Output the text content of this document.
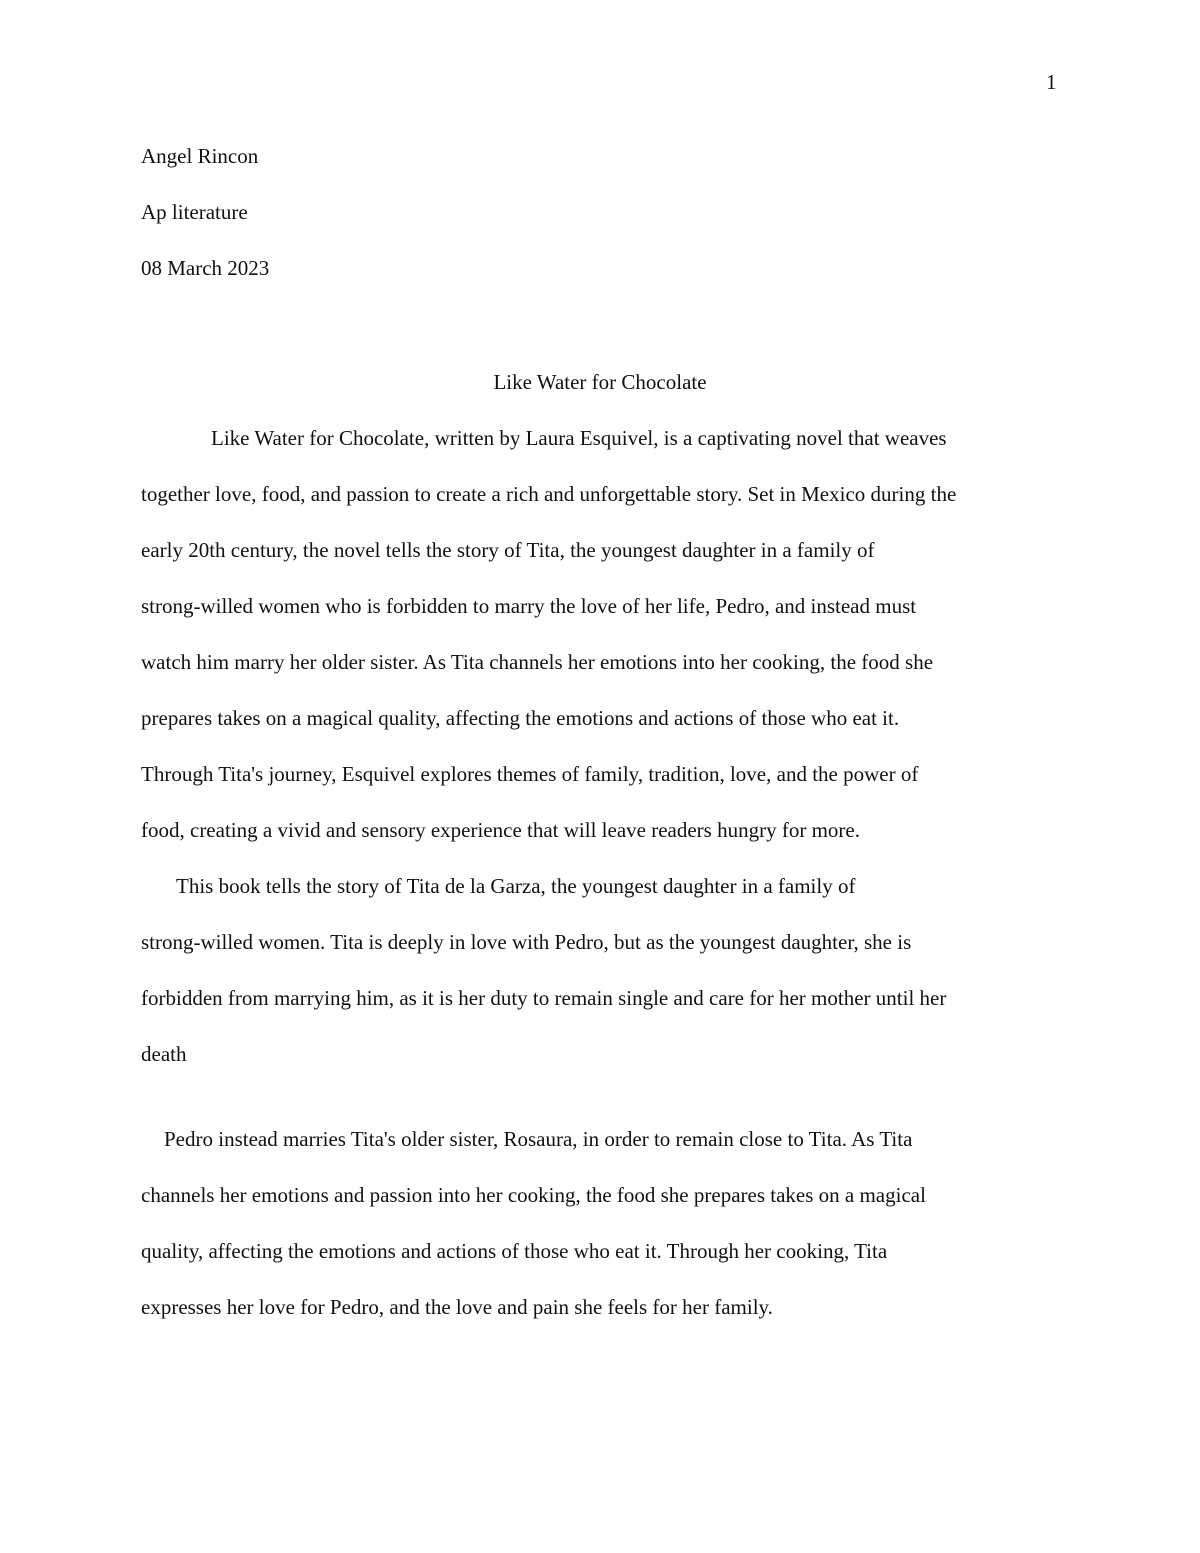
1
Angel Rincon
Ap literature
08 March 2023
Like Water for Chocolate
Like Water for Chocolate, written by Laura Esquivel, is a captivating novel that weaves
together love, food, and passion to create a rich and unforgettable story. Set in Mexico during the
early 20th century, the novel tells the story of Tita, the youngest daughter in a family of
strong-willed women who is forbidden to marry the love of her life, Pedro, and instead must
watch him marry her older sister. As Tita channels her emotions into her cooking, the food she
prepares takes on a magical quality, affecting the emotions and actions of those who eat it.
Through Tita's journey, Esquivel explores themes of family, tradition, love, and the power of
food, creating a vivid and sensory experience that will leave readers hungry for more.
This book tells the story of Tita de la Garza, the youngest daughter in a family of
strong-willed women. Tita is deeply in love with Pedro, but as the youngest daughter, she is
forbidden from marrying him, as it is her duty to remain single and care for her mother until her
death
Pedro instead marries Tita's older sister, Rosaura, in order to remain close to Tita. As Tita
channels her emotions and passion into her cooking, the food she prepares takes on a magical
quality, affecting the emotions and actions of those who eat it. Through her cooking, Tita
expresses her love for Pedro, and the love and pain she feels for her family.
